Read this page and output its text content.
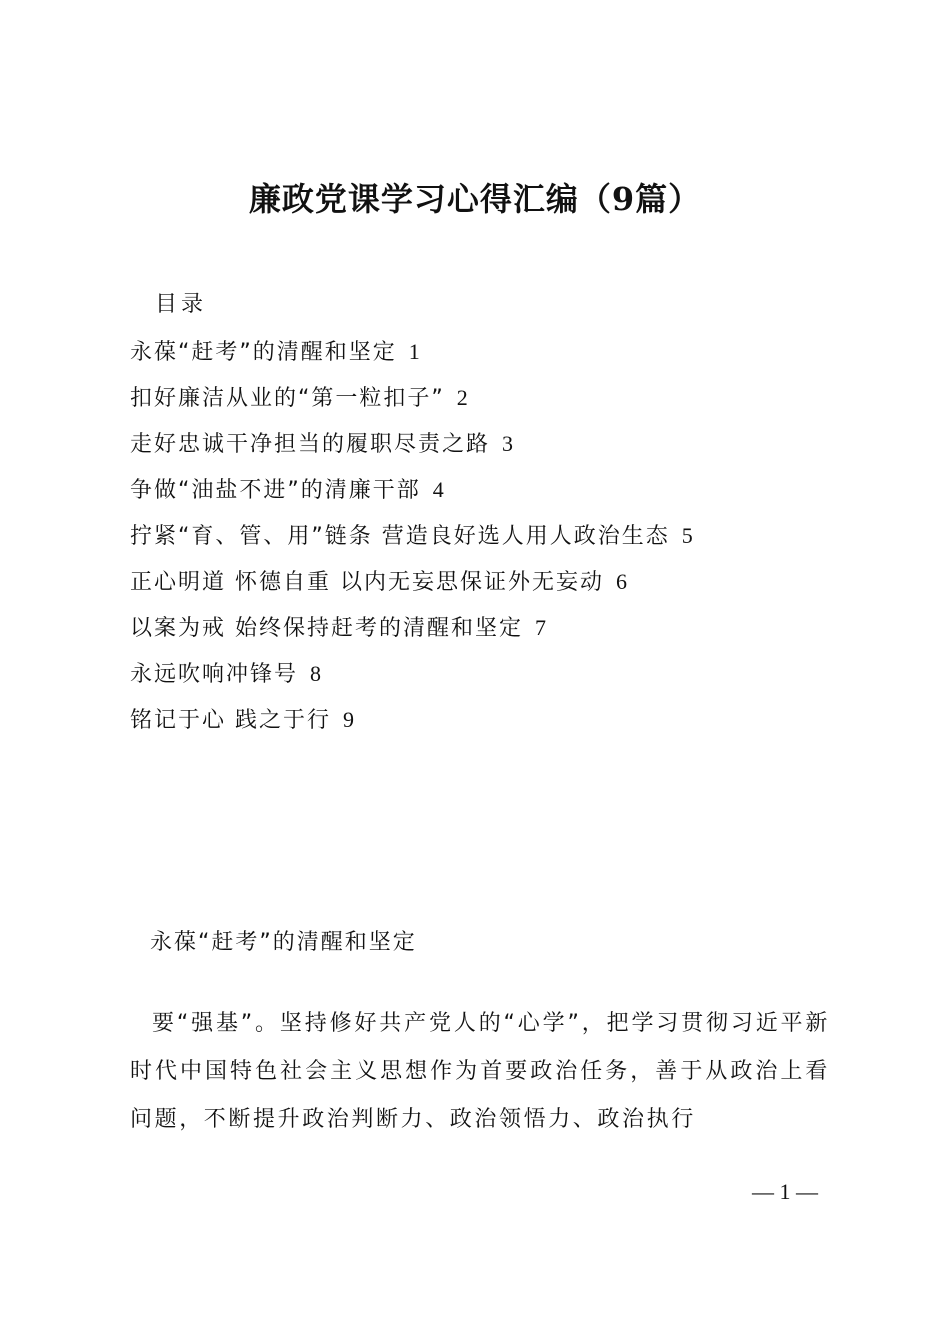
廉政党课学习心得汇编（9篇）
目录
永葆“赶考”的清醒和坚定 1
扣好廉洁从业的“第一粒扣子” 2
走好忠诚干净担当的履职尽责之路 3
争做“油盐不进”的清廉干部 4
拧紧“育、管、用”链条 营造良好选人用人政治生态 5
正心明道 怀德自重 以内无妄思保证外无妄动 6
以案为戒 始终保持赶考的清醒和坚定 7
永远吹响冲锋号 8
铭记于心 践之于行 9
永葆“赶考”的清醒和坚定

要“强基”。坚持修好共产党人的“心学”，把学习贯彻习近平新时代中国特色社会主义思想作为首要政治任务，善于从政治上看问题，不断提升政治判断力、政治领悟力、政治执行

— 1 —
